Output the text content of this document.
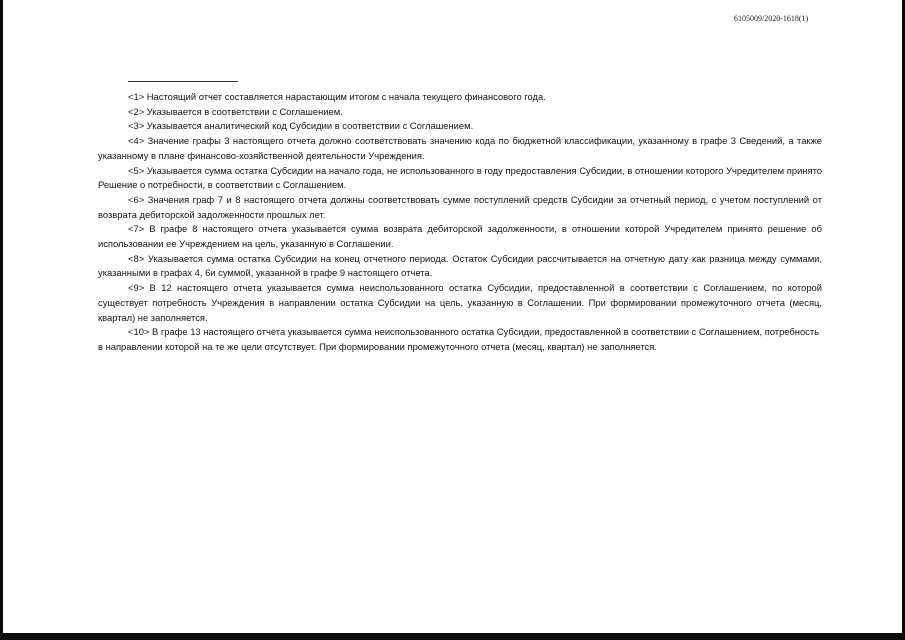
6105009/2020-1618(1)

<1> Настоящий отчет составляется нарастающим итогом с начала текущего финансового года.

<2> Указывается в соответствии с Соглашением.

<3> Указывается аналитический код Субсидии в соответствии с Соглашением.

<4> Значение графы 3 настоящего отчета должно соответствовать значению кода по бюджетной классификации, указанному в графе 3 Сведений, а также указанному в плане финансово-хозяйственной деятельности Учреждения.

<5> Указывается сумма остатка Субсидии на начало года, не использованного в году предоставления Субсидии, в отношении которого Учредителем принято Решение о потребности, в соответствии с Соглашением.

<6> Значения граф 7 и 8 настоящего отчета должны соответствовать сумме поступлений средств Субсидии за отчетный период, с учетом поступлений от возврата дебиторской задолженности прошлых лет.

<7> В графе 8 настоящего отчета указывается сумма возврата дебиторской задолженности, в отношении которой Учредителем принято решение об использовании ее Учреждением на цель, указанную в Соглашении.

<8> Указывается сумма остатка Субсидии на конец отчетного периода. Остаток Субсидии рассчитывается на отчетную дату как разница между суммами, указанными в графах 4, 6и суммой, указанной в графе 9 настоящего отчета.

<9> В 12 настоящего отчета указывается сумма неиспользованного остатка Субсидии, предоставленной в соответствии с Соглашением, по которой существует потребность Учреждения в направлении остатка Субсидии на цель, указанную в Соглашении. При формировании промежуточного отчета (месяц, квартал) не заполняется.

<10> В графе 13 настоящего отчета указывается сумма неиспользованного остатка Субсидии, предоставленной в соответствии с Соглашением, потребность в направлении которой на те же цели отсутствует. При формировании промежуточного отчета (месяц, квартал) не заполняется.
